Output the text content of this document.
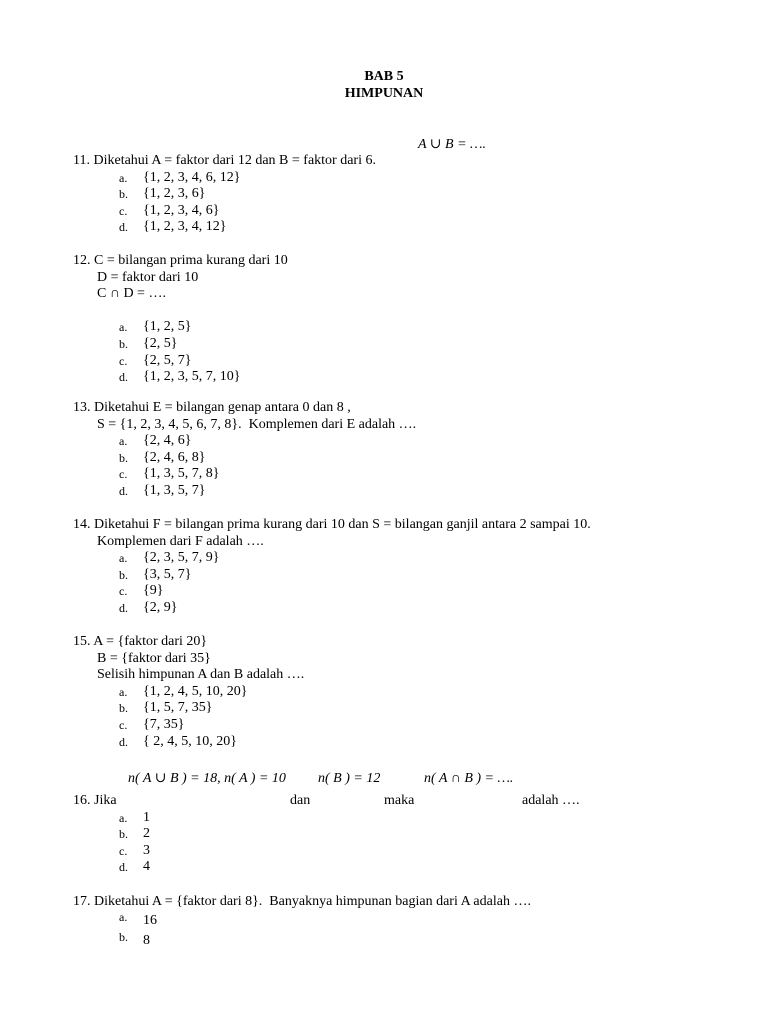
BAB 5
HIMPUNAN
A ∪ B = ….
11. Diketahui A = faktor dari 12 dan B = faktor dari 6.
a. {1, 2, 3, 4, 6, 12}
b. {1, 2, 3, 6}
c. {1, 2, 3, 4, 6}
d. {1, 2, 3, 4, 12}
12. C = bilangan prima kurang dari 10
D = faktor dari 10
C ∩ D = ….
a. {1, 2, 5}
b. {2, 5}
c. {2, 5, 7}
d. {1, 2, 3, 5, 7, 10}
13. Diketahui E = bilangan genap antara 0 dan 8 ,
S = {1, 2, 3, 4, 5, 6, 7, 8}.  Komplemen dari E adalah ….
a. {2, 4, 6}
b. {2, 4, 6, 8}
c. {1, 3, 5, 7, 8}
d. {1, 3, 5, 7}
14. Diketahui F = bilangan prima kurang dari 10 dan S = bilangan ganjil antara 2 sampai 10.
Komplemen dari F adalah ….
a. {2, 3, 5, 7, 9}
b. {3, 5, 7}
c. {9}
d. {2, 9}
15. A = {faktor dari 20}
B = {faktor dari 35}
Selisih himpunan A dan B adalah ….
a. {1, 2, 4, 5, 10, 20}
b. {1, 5, 7, 35}
c. {7, 35}
d. { 2, 4, 5, 10, 20}
n( A ∪ B ) = 18, n( A ) = 10 n( B ) = 12	n( A ∩ B ) = ….
16. Jika
a. 1
b. 2
c. 3
d. 4
dan	maka	adalah ….
17. Diketahui A = {faktor dari 8}.  Banyaknya himpunan bagian dari A adalah ….
a. 16
b. 8
